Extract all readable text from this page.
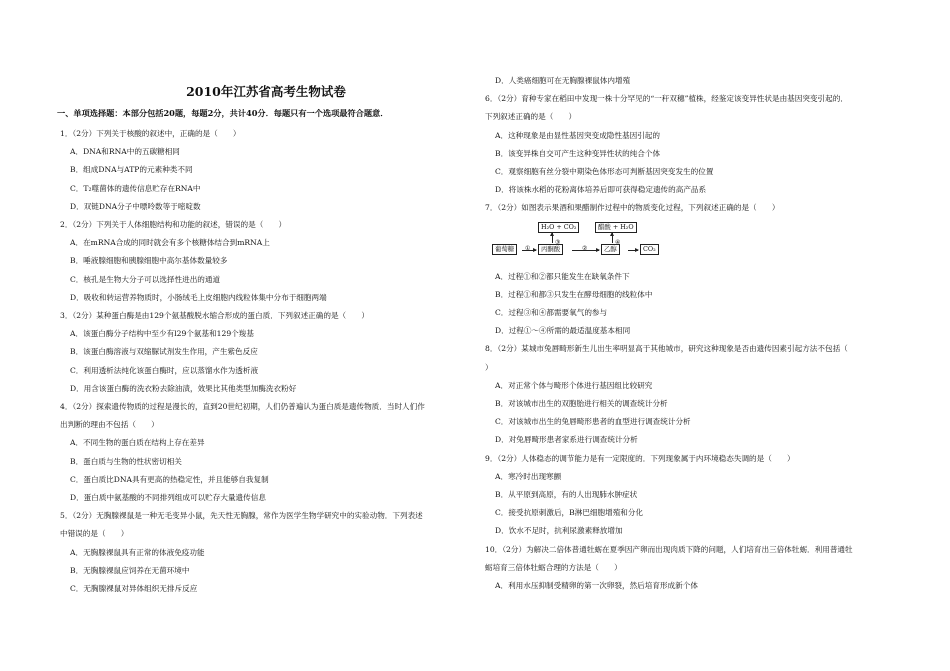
2010年江苏省高考生物试卷
一、单项选择题：本部分包括20题，每题2分，共计40分．每题只有一个选项最符合题意．
1．（2分）下列关于核酸的叙述中，正确的是（　　）
A．DNA和RNA中的五碳糖相同
B．组成DNA与ATP的元素种类不同
C．T₂噬菌体的遗传信息贮存在RNA中
D．双链DNA分子中嘌呤数等于嘧啶数
2．（2分）下列关于人体细胞结构和功能的叙述，错误的是（　　）
A．在mRNA合成的同时就会有多个核糖体结合到mRNA上
B．唾液腺细胞和胰腺细胞中高尔基体数量较多
C．核孔是生物大分子可以选择性进出的通道
D．吸收和转运营养物质时，小肠绒毛上皮细胞内线粒体集中分布于细胞两端
3．（2分）某种蛋白酶是由129个氨基酸脱水缩合形成的蛋白质．下列叙述正确的是（　　）
A．该蛋白酶分子结构中至少有l29个氨基和129个羧基
B．该蛋白酶溶液与双缩脲试剂发生作用，产生紫色反应
C．利用透析法纯化该蛋白酶时，应以蒸馏水作为透析液
D．用含该蛋白酶的洗衣粉去除油渍，效果比其他类型加酶洗衣粉好
4．（2分）探索遗传物质的过程是漫长的，直到20世纪初期，人们仍普遍认为蛋白质是遗传物质．当时人们作
出判断的理由不包括（　　）
A．不同生物的蛋白质在结构上存在差异
B．蛋白质与生物的性状密切相关
C．蛋白质比DNA具有更高的热稳定性，并且能够自我复制
D．蛋白质中氨基酸的不同排列组成可以贮存大量遗传信息
5．（2分）无胸腺裸鼠是一种无毛变异小鼠，先天性无胸腺，常作为医学生物学研究中的实验动物．下列表述
中错误的是（　　）
A．无胸腺裸鼠具有正常的体液免疫功能
B．无胸腺裸鼠应饲养在无菌环境中
C．无胸腺裸鼠对异体组织无排斥反应
D．人类癌细胞可在无胸腺裸鼠体内增殖
6．（2分）育种专家在稻田中发现一株十分罕见的“一秆双穗”植株，经鉴定该变异性状是由基因突变引起的．
下列叙述正确的是（　　）
A．这种现象是由显性基因突变成隐性基因引起的
B．该变异株自交可产生这种变异性状的纯合个体
C．观察细胞有丝分裂中期染色体形态可判断基因突变发生的位置
D．将该株水稻的花粉离体培养后即可获得稳定遗传的高产品系
7．（2分）如图表示果酒和果醋制作过程中的物质变化过程，下列叙述正确的是（　　）
H₂O + CO₂	醋酸 + H₂O
葡萄糖	丙酮酸	乙醇	CO₂
①	②
③	④
A．过程①和②都只能发生在缺氧条件下
B．过程①和都③只发生在酵母细胞的线粒体中
C．过程③和④都需要氧气的参与
D．过程①～④所需的最适温度基本相同
8．（2分）某城市兔唇畸形新生儿出生率明显高于其他城市，研究这种现象是否由遗传因素引起方法不包括（
）
A．对正常个体与畸形个体进行基因组比较研究
B．对该城市出生的双胞胎进行相关的调查统计分析
C．对该城市出生的兔唇畸形患者的血型进行调查统计分析
D．对兔唇畸形患者家系进行调查统计分析
9．（2分）人体稳态的调节能力是有一定限度的．下列现象属于内环境稳态失调的是（　　）
A．寒冷时出现寒颤
B．从平原到高原，有的人出现肺水肿症状
C．接受抗原刺激后，B淋巴细胞增殖和分化
D．饮水不足时，抗利尿激素释放增加
10．（2分）为解决二倍体普通牡蛎在夏季因产卵而出现肉质下降的问题，人们培育出三倍体牡蛎．利用普通牡
蛎培育三倍体牡蛎合理的方法是（　　）
A．利用水压抑制受精卵的第一次卵裂，然后培育形成新个体
